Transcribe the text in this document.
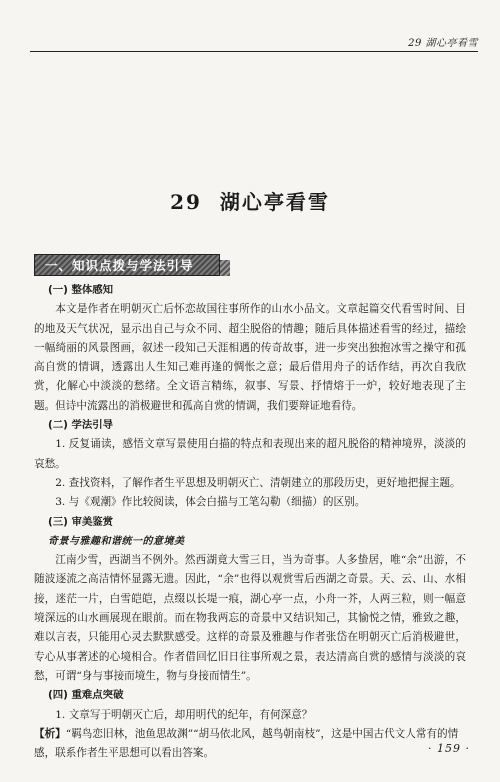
29 湖心亭看雪
29 湖心亭看雪
一、知识点拨与学法引导

(一) 整体感知

本文是作者在明朝灭亡后怀恋故国往事所作的山水小品文。文章起篇交代看雪时间、目的地及天气状况，显示出自己与众不同、超尘脱俗的情趣；随后具体描述看雪的经过，描绘一幅绮丽的风景图画，叙述一段知己天涯相遇的传奇故事，进一步突出独抱冰雪之操守和孤高自赏的情调，透露出人生知己难再逢的惆怅之意；最后借用舟子的话作结，再次自我欣赏，化解心中淡淡的愁绪。全文语言精练，叙事、写景、抒情熔于一炉，较好地表现了主题。但诗中流露出的消极避世和孤高自赏的情调，我们要辩证地看待。

(二) 学法引导

1. 反复诵读，感悟文章写景使用白描的特点和表现出来的超凡脱俗的精神境界，淡淡的哀愁。

2. 查找资料，了解作者生平思想及明朝灭亡、清朝建立的那段历史，更好地把握主题。

3. 与《观潮》作比较阅读，体会白描与工笔勾勒（细描）的区别。

(三) 审美鉴赏

奇景与雅趣和谐统一的意境美

江南少雪，西湖当不例外。然西湖竟大雪三日，当为奇事。人多蛰居，唯“余”出游，不随波逐流之高洁情怀显露无遗。因此，“余”也得以观赏雪后西湖之奇景。天、云、山、水相接，迷茫一片，白雪皑皑，点缀以长堤一痕，湖心亭一点，小舟一芥，人两三粒，则一幅意境深远的山水画展现在眼前。而在物我两忘的奇景中又结识知己，其愉悦之情，雅致之趣，难以言表，只能用心灵去默默感受。这样的奇景及雅趣与作者张岱在明朝灭亡后消极避世，专心从事著述的心境相合。作者借回忆旧日往事所观之景，表达清高自赏的感情与淡淡的哀愁，可谓“身与事接而境生，物与身接而情生”。

(四) 重难点突破

1. 文章写于明朝灭亡后，却用明代的纪年，有何深意？

【析】“羁鸟恋旧林，池鱼思故渊”“胡马依北风，越鸟朝南枝”，这是中国古代文人常有的情感，联系作者生平思想可以看出答案。	· 159 ·
